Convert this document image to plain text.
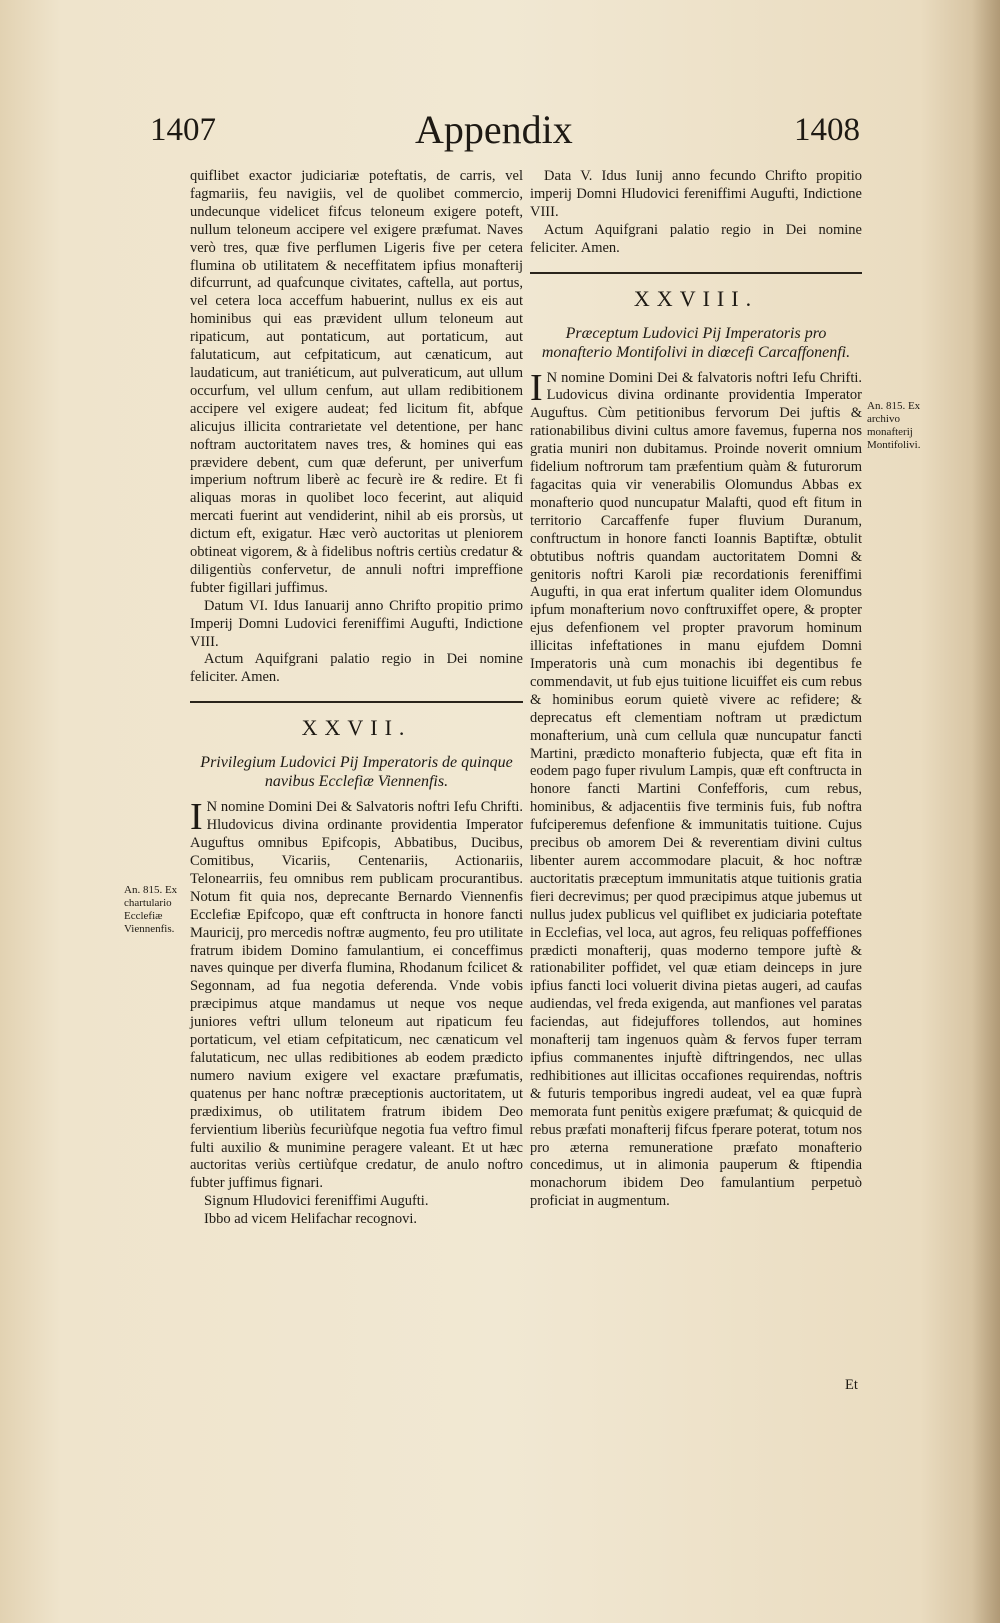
1407	Appendix	1408

quiflibet exactor judiciariæ poteftatis, de carris, vel fagmariis, feu navigiis, vel de quolibet commercio, undecunque videlicet fifcus teloneum exigere poteft, nullum teloneum accipere vel exigere præfumat. Naves verò tres, quæ five perflumen Ligeris five per cetera flumina ob utilitatem & neceffitatem ipfius monafterij difcurrunt, ad quafcunque civitates, caftella, aut portus, vel cetera loca acceffum habuerint, nullus ex eis aut hominibus qui eas prævident ullum teloneum aut ripaticum, aut pontaticum, aut portaticum, aut falutaticum, aut cefpitaticum, aut cænaticum, aut laudaticum, aut traniéticum, aut pulveraticum, aut ullum occurfum, vel ullum cenfum, aut ullam redibitionem accipere vel exigere audeat; fed licitum fit, abfque alicujus illicita contrarietate vel detentione, per hanc noftram auctoritatem naves tres, & homines qui eas prævidere debent, cum quæ deferunt, per univerfum imperium noftrum liberè ac fecurè ire & redire. Et fi aliquas moras in quolibet loco fecerint, aut aliquid mercati fuerint aut vendiderint, nihil ab eis prorsùs, ut dictum eft, exigatur. Hæc verò auctoritas ut pleniorem obtineat vigorem, & à fidelibus noftris certiùs credatur & diligentiùs confervetur, de annuli noftri impreffione fubter figillari juffimus.

Datum VI. Idus Ianuarij anno Chrifto propitio primo Imperij Domni Ludovici fereniffimi Augufti, Indictione VIII.

Actum Aquifgrani palatio regio in Dei nomine feliciter. Amen.

XXVII.
Privilegium Ludovici Pij Imperatoris de quinque navibus Ecclefiæ Viennenfis.

I N nomine Domini Dei & Salvatoris noftri Iefu Chrifti. Hludovicus divina ordinante providentia Imperator Auguftus omnibus Epifcopis, Abbatibus, Ducibus, Comitibus, Vicariis, Centenariis, Actionariis, Telonearriis, feu omnibus rem publicam procurantibus. Notum fit quia nos, deprecante Bernardo Viennenfis Ecclefiæ Epifcopo, quæ eft conftructa in honore fancti Mauricij, pro mercedis noftræ augmento, feu pro utilitate fratrum ibidem Domino famulantium, ei conceffimus naves quinque per diverfa flumina, Rhodanum fcilicet & Segonnam, ad fua negotia deferenda. Vnde vobis præcipimus atque mandamus ut neque vos neque juniores veftri ullum teloneum aut ripaticum feu portaticum, vel etiam cefpitaticum, nec cænaticum vel falutaticum, nec ullas redibitiones ab eodem prædicto numero navium exigere vel exactare præfumatis, quatenus per hanc noftræ præceptionis auctoritatem, ut prædiximus, ob utilitatem fratrum ibidem Deo fervientium liberiùs fecuriùfque negotia fua veftro fimul fulti auxilio & munimine peragere valeant. Et ut hæc auctoritas veriùs certiùfque credatur, de anulo noftro fubter juffimus fignari.

Signum Hludovici fereniffimi Augufti.

Ibbo ad vicem Helifachar recognovi.

An. 815. Ex chartulario Ecclefiæ Viennenfis.

Data V. Idus Iunij anno fecundo Chrifto propitio imperij Domni Hludovici fereniffimi Augufti, Indictione VIII.

Actum Aquifgrani palatio regio in Dei nomine feliciter. Amen.

XXVIII.
Præceptum Ludovici Pij Imperatoris pro monafterio Montifolivi in diœcefi Carcaffonenfi.

I N nomine Domini Dei & falvatoris noftri Iefu Chrifti. Ludovicus divina ordinante providentia Imperator Auguftus. Cùm petitionibus fervorum Dei juftis & rationabilibus divini cultus amore favemus, fuperna nos gratia muniri non dubitamus. Proinde noverit omnium fidelium noftrorum tam præfentium quàm & futurorum fagacitas quia vir venerabilis Olomundus Abbas ex monafterio quod nuncupatur Malafti, quod eft fitum in territorio Carcaffenfe fuper fluvium Duranum, conftructum in honore fancti Ioannis Baptiftæ, obtulit obtutibus noftris quandam auctoritatem Domni & genitoris noftri Karoli piæ recordationis fereniffimi Augufti, in qua erat infertum qualiter idem Olomundus ipfum monafterium novo conftruxiffet opere, & propter ejus defenfionem vel propter pravorum hominum illicitas infeftationes in manu ejufdem Domni Imperatoris unà cum monachis ibi degentibus fe commendavit, ut fub ejus tuitione licuiffet eis cum rebus & hominibus eorum quietè vivere ac refidere; & deprecatus eft clementiam noftram ut prædictum monafterium, unà cum cellula quæ nuncupatur fancti Martini, prædicto monafterio fubjecta, quæ eft fita in eodem pago fuper rivulum Lampis, quæ eft conftructa in honore fancti Martini Confefforis, cum rebus, hominibus, & adjacentiis five terminis fuis, fub noftra fufciperemus defenfione & immunitatis tuitione. Cujus precibus ob amorem Dei & reverentiam divini cultus libenter aurem accommodare placuit, & hoc noftræ auctoritatis præceptum immunitatis atque tuitionis gratia fieri decrevimus; per quod præcipimus atque jubemus ut nullus judex publicus vel quiflibet ex judiciaria poteftate in Ecclefias, vel loca, aut agros, feu reliquas poffeffiones prædicti monafterij, quas moderno tempore juftè & rationabiliter poffidet, vel quæ etiam deinceps in jure ipfius fancti loci voluerit divina pietas augeri, ad caufas audiendas, vel freda exigenda, aut manfiones vel paratas faciendas, aut fidejuffores tollendos, aut homines monafterij tam ingenuos quàm & fervos fuper terram ipfius commanentes injuftè diftringendos, nec ullas redhibitiones aut illicitas occafiones requirendas, noftris & futuris temporibus ingredi audeat, vel ea quæ fuprà memorata funt penitùs exigere præfumat; & quicquid de rebus præfati monafterij fifcus fperare poterat, totum nos pro æterna remuneratione præfato monafterio concedimus, ut in alimonia pauperum & ftipendia monachorum ibidem Deo famulantium perpetuò proficiat in augmentum.

An. 815. Ex archivo monafterij Montifolivi.
Et
